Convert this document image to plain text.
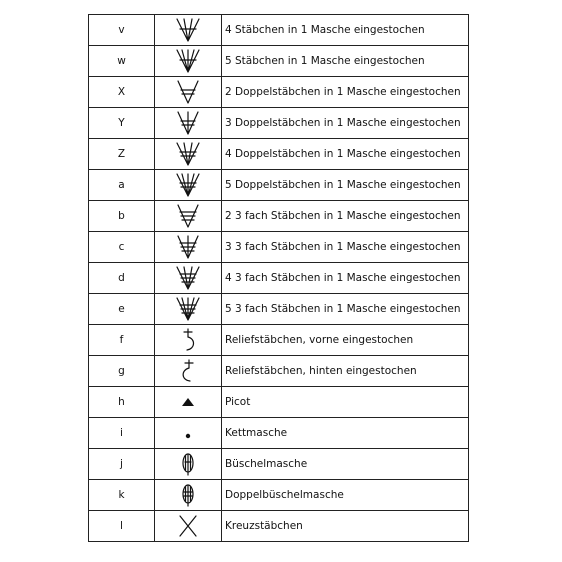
v		4 Stäbchen in 1 Masche eingestochen
w		5 Stäbchen in 1 Masche eingestochen
X		2 Doppelstäbchen in 1 Masche eingestochen
Y		3 Doppelstäbchen in 1 Masche eingestochen
Z		4 Doppelstäbchen in 1 Masche eingestochen
a		5 Doppelstäbchen in 1 Masche eingestochen
b		2 3 fach Stäbchen in 1 Masche eingestochen
c		3 3 fach Stäbchen in 1 Masche eingestochen
d		4 3 fach Stäbchen in 1 Masche eingestochen
e		5 3 fach Stäbchen in 1 Masche eingestochen
f		Reliefstäbchen, vorne eingestochen
g		Reliefstäbchen, hinten eingestochen
h		Picot
i		Kettmasche
j		Büschelmasche
k		Doppelbüschelmasche
l		Kreuzstäbchen
